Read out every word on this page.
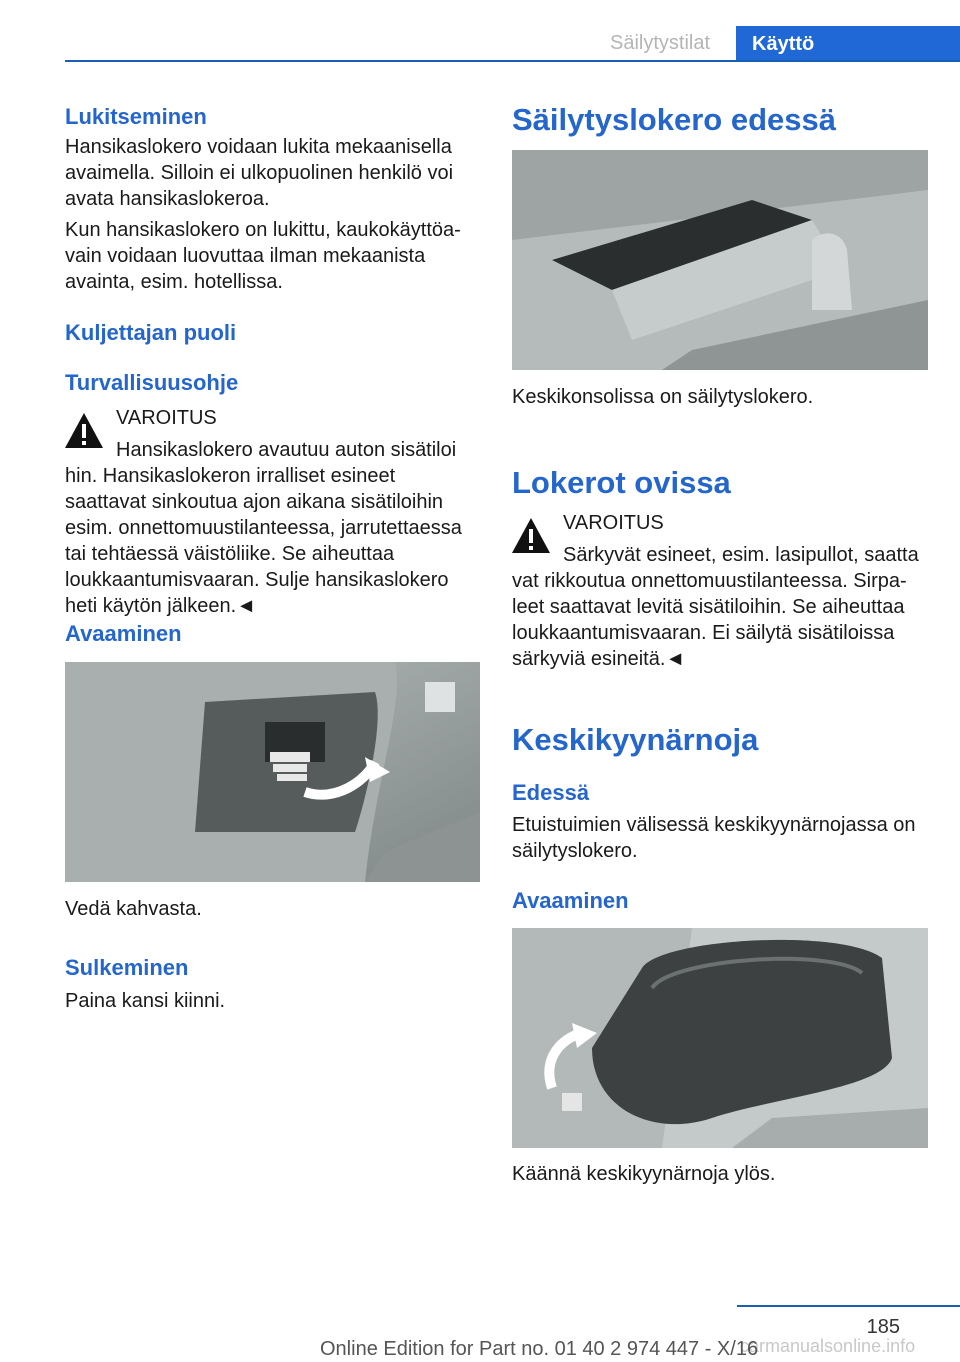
Säilytystilat	Käyttö
Lukitseminen
Hansikaslokero voidaan lukita mekaanisella avaimella. Silloin ei ulkopuolinen henkilö voi avata hansikaslokeroa.
Kun hansikaslokero on lukittu, kaukokäyttöavain voidaan luovuttaa ilman mekaanista avainta, esim. hotellissa.
Kuljettajan puoli
Turvallisuusohje
VAROITUS
Hansikaslokero avautuu auton sisätiloi
hin. Hansikaslokeron irralliset esineet saattavat sinkoutua ajon aikana sisätiloihin esim. onnettomuustilanteessa, jarrutettaessa tai tehtäessä väistöliike. Se aiheuttaa loukkaantumisvaaran. Sulje hansikaslokero heti käytön jälkeen.◄
Avaaminen
Vedä kahvasta.
Sulkeminen
Paina kansi kiinni.
Säilytyslokero edessä
Keskikonsolissa on säilytyslokero.
Lokerot ovissa
VAROITUS
Särkyvät esineet, esim. lasipullot, saatta
vat rikkoutua onnettomuustilanteessa. Sirpaleet saattavat levitä sisätiloihin. Se aiheuttaa loukkaantumisvaaran. Ei säilytä sisätiloissa särkyviä esineitä.◄
Keskikyynärnoja
Edessä
Etuistuimien välisessä keskikyynärnojassa on säilytyslokero.
Avaaminen
Käännä keskikyynärnoja ylös.
185
carmanualsonline.info
Online Edition for Part no. 01 40 2 974 447 - X/16
